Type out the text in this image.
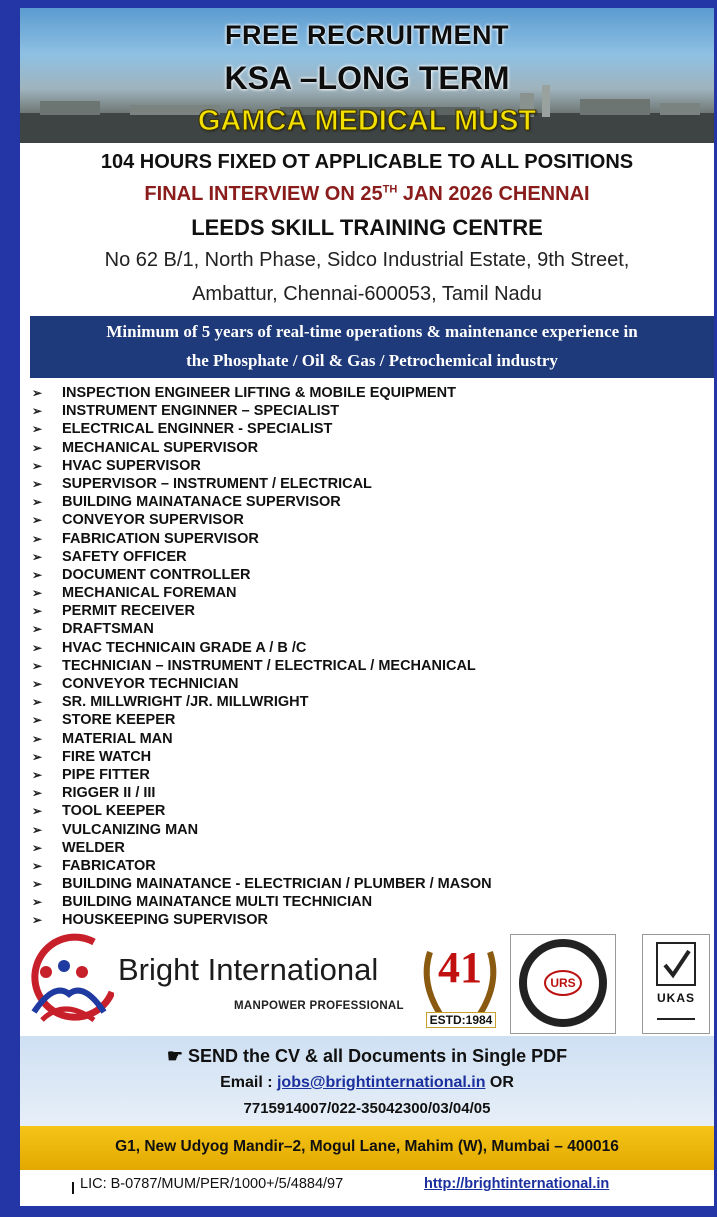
FREE RECRUITMENT
KSA –LONG TERM
GAMCA MEDICAL MUST
104 HOURS FIXED OT APPLICABLE TO ALL POSITIONS
FINAL INTERVIEW ON 25TH JAN 2026 CHENNAI
LEEDS SKILL TRAINING CENTRE
No 62 B/1, North Phase, Sidco Industrial Estate, 9th Street,
Ambattur, Chennai-600053, Tamil Nadu
Minimum of 5 years of real-time operations & maintenance experience in
the Phosphate / Oil & Gas / Petrochemical industry
➢ INSPECTION ENGINEER LIFTING & MOBILE EQUIPMENT
➢ INSTRUMENT ENGINNER – SPECIALIST
➢ ELECTRICAL ENGINNER - SPECIALIST
➢ MECHANICAL SUPERVISOR
➢ HVAC SUPERVISOR
➢ SUPERVISOR – INSTRUMENT / ELECTRICAL
➢ BUILDING MAINATANACE SUPERVISOR
➢ CONVEYOR SUPERVISOR
➢ FABRICATION SUPERVISOR
➢ SAFETY OFFICER
➢ DOCUMENT CONTROLLER
➢ MECHANICAL FOREMAN
➢ PERMIT RECEIVER
➢ DRAFTSMAN
➢ HVAC TECHNICAIN GRADE A / B /C
➢ TECHNICIAN – INSTRUMENT / ELECTRICAL / MECHANICAL
➢ CONVEYOR TECHNICIAN
➢ SR. MILLWRIGHT /JR. MILLWRIGHT
➢ STORE KEEPER
➢ MATERIAL MAN
➢ FIRE WATCH
➢ PIPE FITTER
➢ RIGGER II / III
➢ TOOL KEEPER
➢ VULCANIZING MAN
➢ WELDER
➢ FABRICATOR
➢ BUILDING MAINATANCE - ELECTRICIAN / PLUMBER / MASON
➢ BUILDING MAINATANCE MULTI TECHNICIAN
➢ HOUSKEEPING SUPERVISOR
Bright International
MANPOWER PROFESSIONAL
41
ESTD:1984
URS
UKAS
☛ SEND the CV & all Documents in Single PDF
Email : jobs@brightinternational.in OR
7715914007/022-35042300/03/04/05
G1, New Udyog Mandir–2, Mogul Lane, Mahim (W), Mumbai – 400016
LIC: B-0787/MUM/PER/1000+/5/4884/97	http://brightinternational.in
